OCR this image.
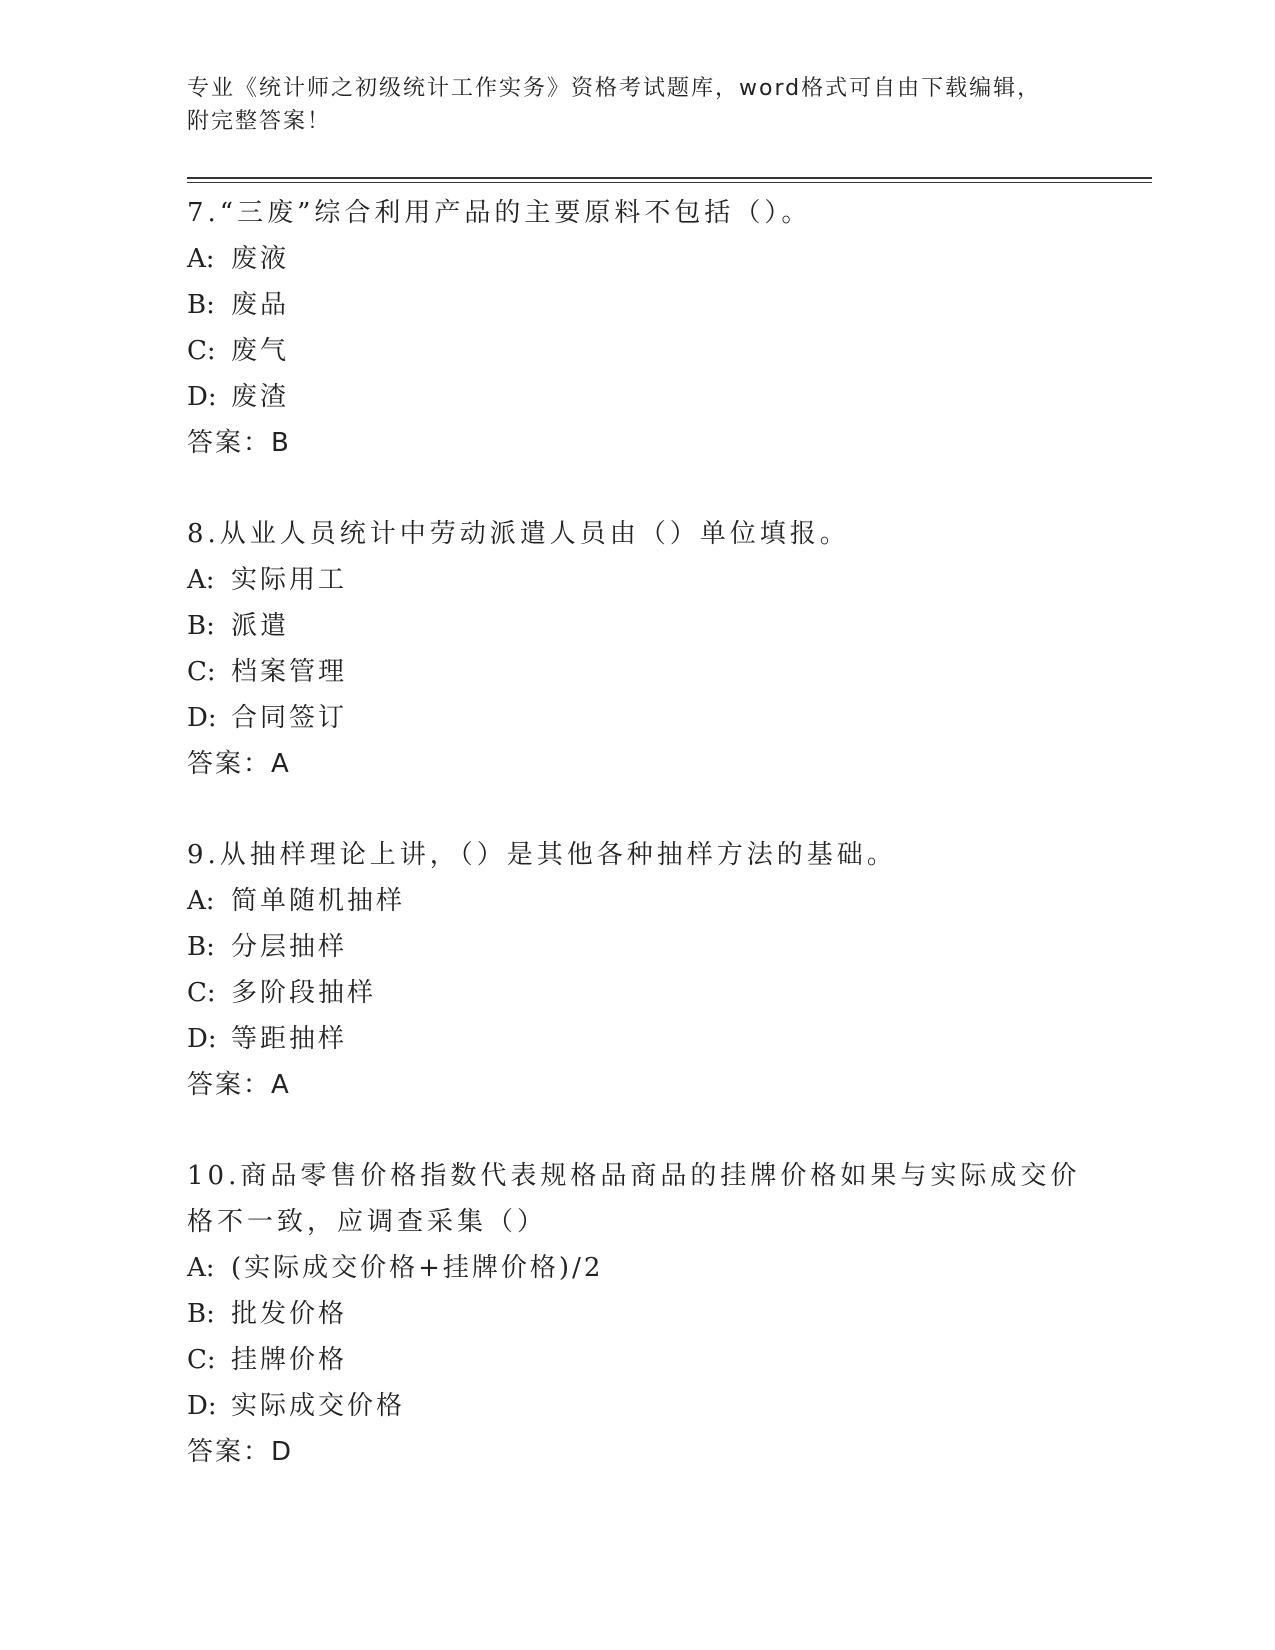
专业《统计师之初级统计工作实务》资格考试题库，word格式可自由下载编辑，
附完整答案！
7.“三废”综合利用产品的主要原料不包括（）。
A: 废液
B: 废品
C: 废气
D: 废渣
答案：B
8.从业人员统计中劳动派遣人员由（）单位填报。
A: 实际用工
B: 派遣
C: 档案管理
D: 合同签订
答案：A
9.从抽样理论上讲，（）是其他各种抽样方法的基础。
A: 简单随机抽样
B: 分层抽样
C: 多阶段抽样
D: 等距抽样
答案：A
10.商品零售价格指数代表规格品商品的挂牌价格如果与实际成交价格不一致，应调查采集（）
A: (实际成交价格+挂牌价格)/2
B: 批发价格
C: 挂牌价格
D: 实际成交价格
答案：D
